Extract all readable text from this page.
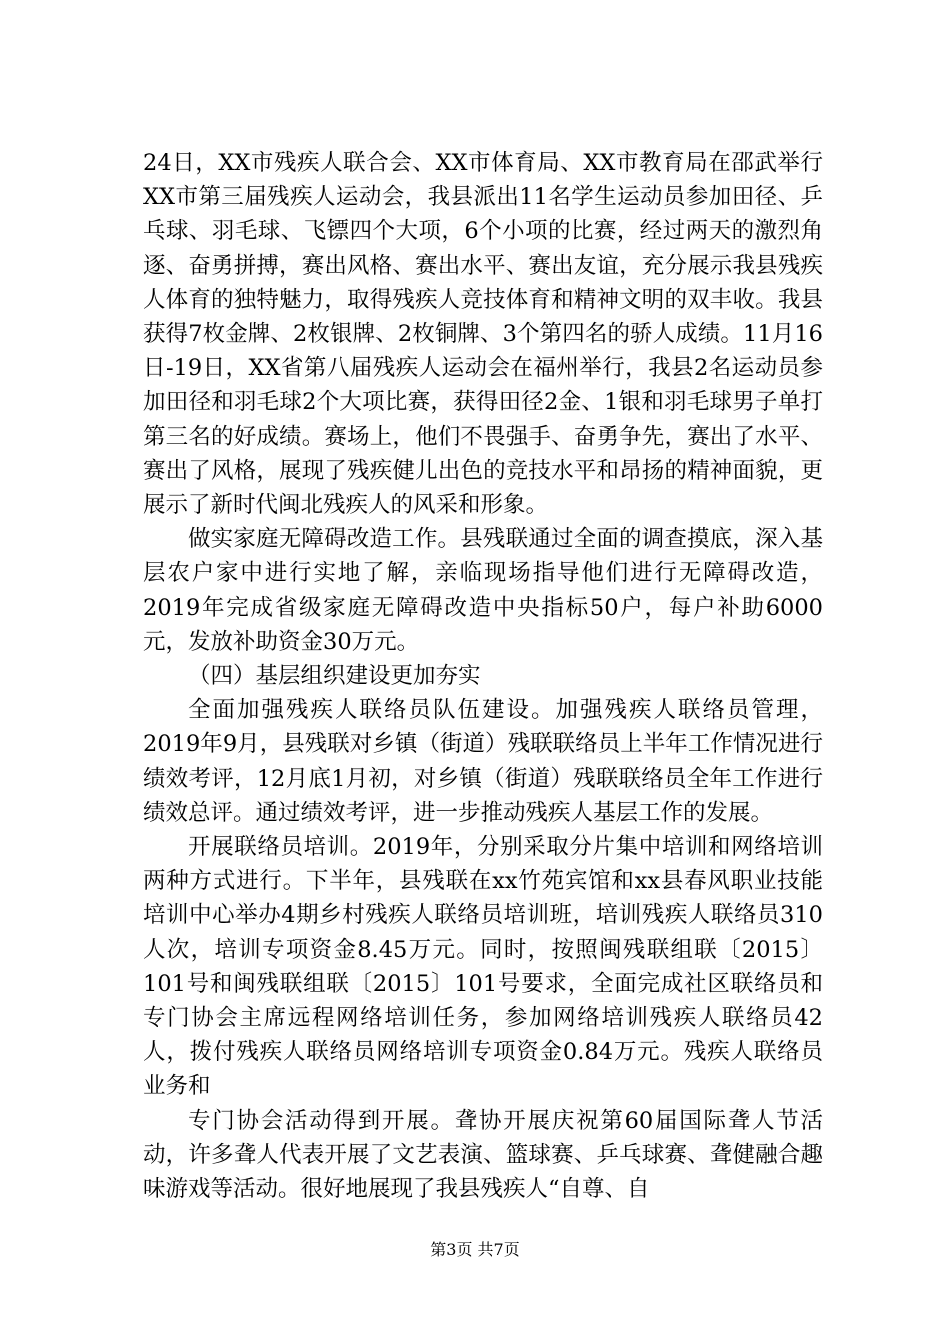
24日，XX市残疾人联合会、XX市体育局、XX市教育局在邵武举行XX市第三届残疾人运动会，我县派出11名学生运动员参加田径、乒乓球、羽毛球、飞镖四个大项，6个小项的比赛，经过两天的激烈角逐、奋勇拼搏，赛出风格、赛出水平、赛出友谊，充分展示我县残疾人体育的独特魅力，取得残疾人竞技体育和精神文明的双丰收。我县获得7枚金牌、2枚银牌、2枚铜牌、3个第四名的骄人成绩。11月16日-19日，XX省第八届残疾人运动会在福州举行，我县2名运动员参加田径和羽毛球2个大项比赛，获得田径2金、1银和羽毛球男子单打第三名的好成绩。赛场上，他们不畏强手、奋勇争先，赛出了水平、赛出了风格，展现了残疾健儿出色的竞技水平和昂扬的精神面貌，更展示了新时代闽北残疾人的风采和形象。

做实家庭无障碍改造工作。县残联通过全面的调查摸底，深入基层农户家中进行实地了解，亲临现场指导他们进行无障碍改造，2019年完成省级家庭无障碍改造中央指标50户，每户补助6000元，发放补助资金30万元。

（四）基层组织建设更加夯实

全面加强残疾人联络员队伍建设。加强残疾人联络员管理，2019年9月，县残联对乡镇（街道）残联联络员上半年工作情况进行绩效考评，12月底1月初，对乡镇（街道）残联联络员全年工作进行绩效总评。通过绩效考评，进一步推动残疾人基层工作的发展。

开展联络员培训。2019年，分别采取分片集中培训和网络培训两种方式进行。下半年，县残联在xx竹苑宾馆和xx县春风职业技能培训中心举办4期乡村残疾人联络员培训班，培训残疾人联络员310人次，培训专项资金8.45万元。同时，按照闽残联组联〔2015〕101号和闽残联组联〔2015〕101号要求，全面完成社区联络员和专门协会主席远程网络培训任务，参加网络培训残疾人联络员42人，拨付残疾人联络员网络培训专项资金0.84万元。残疾人联络员业务和

专门协会活动得到开展。聋协开展庆祝第60届国际聋人节活动，许多聋人代表开展了文艺表演、篮球赛、乒乓球赛、聋健融合趣味游戏等活动。很好地展现了我县残疾人“自尊、自

第3页 共7页
